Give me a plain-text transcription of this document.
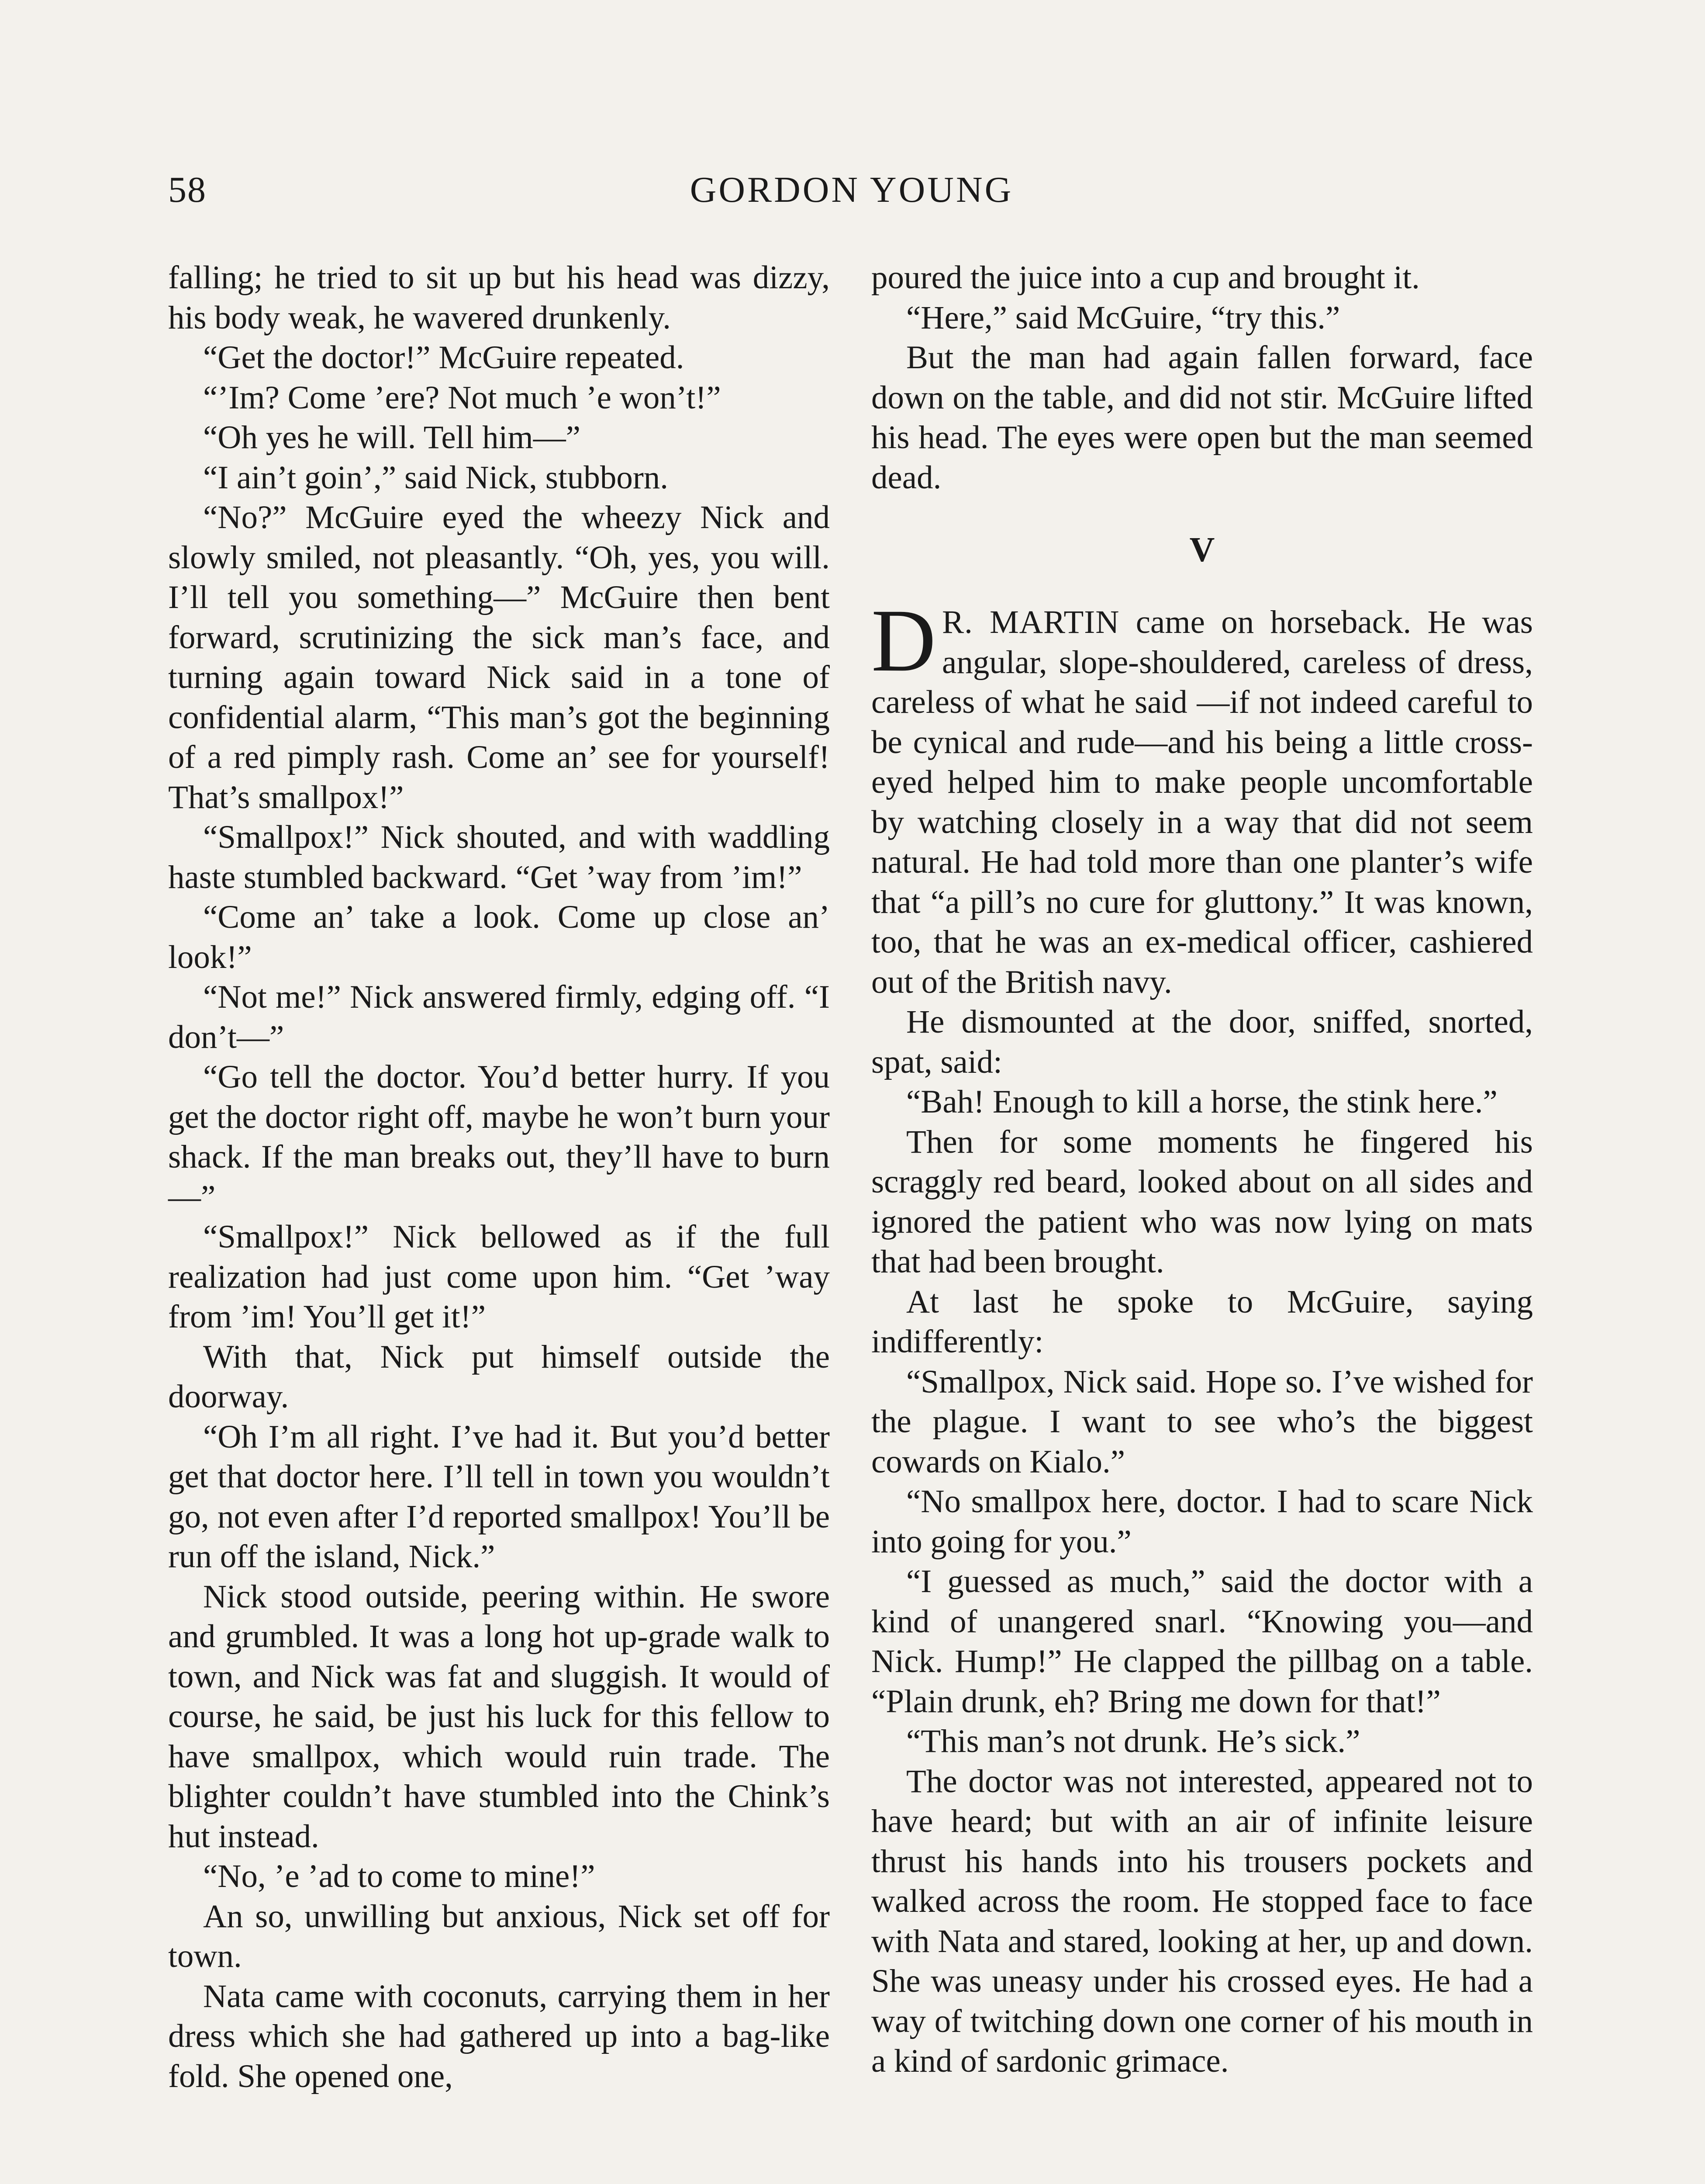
58	GORDON YOUNG

falling; he tried to sit up but his head was dizzy, his body weak, he wavered drunkenly.

“Get the doctor!” McGuire repeated.

“’Im? Come ’ere? Not much ’e won’t!”

“Oh yes he will. Tell him—”

“I ain’t goin’,” said Nick, stubborn.

“No?” McGuire eyed the wheezy Nick and slowly smiled, not pleasantly. “Oh, yes, you will. I’ll tell you something—” McGuire then bent forward, scrutinizing the sick man’s face, and turning again toward Nick said in a tone of confidential alarm, “This man’s got the beginning of a red pimply rash. Come an’ see for yourself! That’s smallpox!”

“Smallpox!” Nick shouted, and with waddling haste stumbled backward. “Get ’way from ’im!”

“Come an’ take a look. Come up close an’ look!”

“Not me!” Nick answered firmly, edging off. “I don’t—”

“Go tell the doctor. You’d better hurry. If you get the doctor right off, maybe he won’t burn your shack. If the man breaks out, they’ll have to burn—”

“Smallpox!” Nick bellowed as if the full realization had just come upon him. “Get ’way from ’im! You’ll get it!”

With that, Nick put himself outside the doorway.

“Oh I’m all right. I’ve had it. But you’d better get that doctor here. I’ll tell in town you wouldn’t go, not even after I’d reported smallpox! You’ll be run off the island, Nick.”

Nick stood outside, peering within. He swore and grumbled. It was a long hot up-grade walk to town, and Nick was fat and sluggish. It would of course, he said, be just his luck for this fellow to have smallpox, which would ruin trade. The blighter couldn’t have stumbled into the Chink’s hut instead.

“No, ’e ’ad to come to mine!”

An so, unwilling but anxious, Nick set off for town.

Nata came with coconuts, carrying them in her dress which she had gathered up into a bag-like fold. She opened one,

poured the juice into a cup and brought it.

“Here,” said McGuire, “try this.”

But the man had again fallen forward, face down on the table, and did not stir. McGuire lifted his head. The eyes were open but the man seemed dead.

V

D R. MARTIN came on horseback. He was angular, slope-shouldered, careless of dress, careless of what he said —if not indeed careful to be cynical and rude—and his being a little cross-eyed helped him to make people uncomfortable by watching closely in a way that did not seem natural. He had told more than one planter’s wife that “a pill’s no cure for gluttony.” It was known, too, that he was an ex-medical officer, cashiered out of the British navy.

He dismounted at the door, sniffed, snorted, spat, said:

“Bah! Enough to kill a horse, the stink here.”

Then for some moments he fingered his scraggly red beard, looked about on all sides and ignored the patient who was now lying on mats that had been brought.

At last he spoke to McGuire, saying indifferently:

“Smallpox, Nick said. Hope so. I’ve wished for the plague. I want to see who’s the biggest cowards on Kialo.”

“No smallpox here, doctor. I had to scare Nick into going for you.”

“I guessed as much,” said the doctor with a kind of unangered snarl. “Knowing you—and Nick. Hump!” He clapped the pillbag on a table. “Plain drunk, eh? Bring me down for that!”

“This man’s not drunk. He’s sick.”

The doctor was not interested, appeared not to have heard; but with an air of infinite leisure thrust his hands into his trousers pockets and walked across the room. He stopped face to face with Nata and stared, looking at her, up and down. She was uneasy under his crossed eyes. He had a way of twitching down one corner of his mouth in a kind of sardonic grimace.
